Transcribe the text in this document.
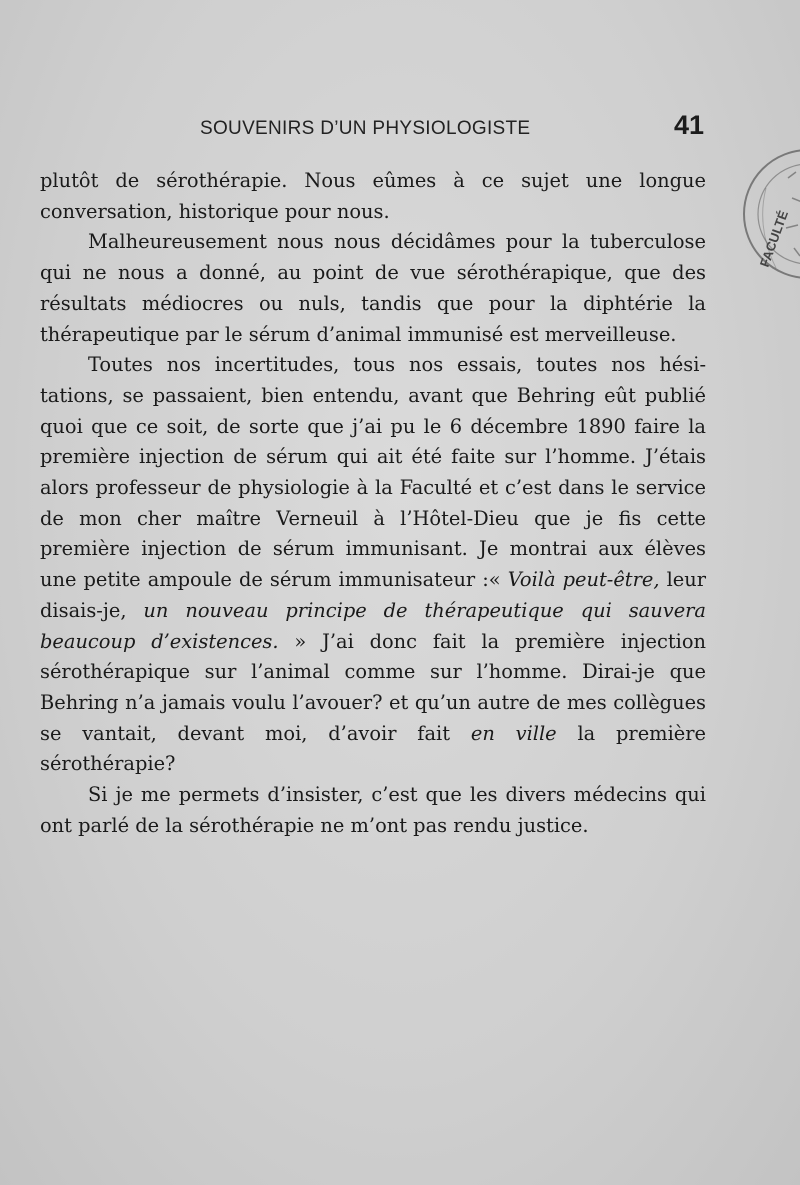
SOUVENIRS D’UN PHYSIOLOGISTE	41
FACULTÉ

plutôt de sérothérapie. Nous eûmes à ce sujet une longue conversation, historique pour nous.

Malheureusement nous nous décidâmes pour la tuberculose qui ne nous a donné, au point de vue sérothérapique, que des résultats médiocres ou nuls, tandis que pour la diphtérie la thérapeutique par le sérum d’animal immunisé est merveilleuse.

Toutes nos incertitudes, tous nos essais, toutes nos hésitations, se passaient, bien entendu, avant que Behring eût publié quoi que ce soit, de sorte que j’ai pu le 6 décembre 1890 faire la première injection de sérum qui ait été faite sur l’homme. J’étais alors professeur de physiologie à la Faculté et c’est dans le service de mon cher maître Verneuil à l’Hôtel-Dieu que je fis cette première injection de sérum immunisant. Je montrai aux élèves une petite ampoule de sérum immunisateur :« Voilà peut-être, leur disais-je, un nouveau principe de thérapeutique qui sauvera beaucoup d’existences. » J’ai donc fait la première injection sérothérapique sur l’animal comme sur l’homme. Dirai-je que Behring n’a jamais voulu l’avouer? et qu’un autre de mes collègues se vantait, devant moi, d’avoir fait en ville la première sérothérapie?

Si je me permets d’insister, c’est que les divers médecins qui ont parlé de la sérothérapie ne m’ont pas rendu justice.
